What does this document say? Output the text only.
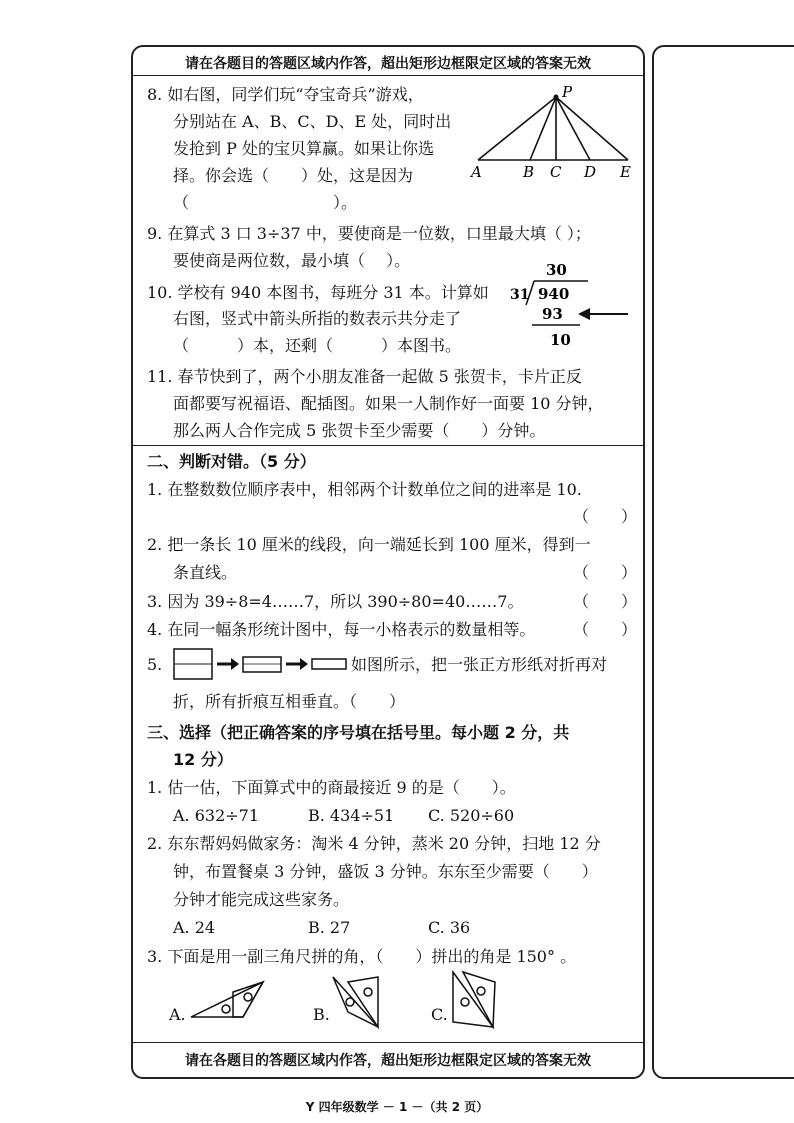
请在各题目的答题区域内作答，超出矩形边框限定区域的答案无效
8. 如右图，同学们玩“夺宝奇兵”游戏，
分别站在 A、B、C、D、E 处，同时出
发抢到 P 处的宝贝算赢。如果让你选
择。你会选（　　）处，这是因为
（　　　　　　　　　）。
P
A	B C D E
9. 在算式 3 口 3÷37 中，要使商是一位数，口里最大填（ ）；
要使商是两位数，最小填（　 ）。
10. 学校有 940 本图书，每班分 31 本。计算如
右图，竖式中箭头所指的数表示共分走了
（　　　）本，还剩（　　　）本图书。
30
31 940
93
10
11. 春节快到了，两个小朋友准备一起做 5 张贺卡，卡片正反
面都要写祝福语、配插图。如果一人制作好一面要 10 分钟，
那么两人合作完成 5 张贺卡至少需要（　　）分钟。
二、判断对错。（5 分）
1. 在整数数位顺序表中，相邻两个计数单位之间的进率是 10.
（　　）
2. 把一条长 10 厘米的线段，向一端延长到 100 厘米，得到一
条直线。	（　　）
3. 因为 39÷8=4……7，所以 390÷80=40……7。	（　　）
4. 在同一幅条形统计图中，每一小格表示的数量相等。 （　　）
5.	如图所示，把一张正方形纸对折再对
折，所有折痕互相垂直。（　　）
三、选择（把正确答案的序号填在括号里。每小题 2 分，共
12 分）
1. 估一估，下面算式中的商最接近 9 的是（　　）。
A. 632÷71	B. 434÷51 C. 520÷60
2. 东东帮妈妈做家务：淘米 4 分钟，蒸米 20 分钟，扫地 12 分
钟，布置餐桌 3 分钟，盛饭 3 分钟。东东至少需要（　　）
分钟才能完成这些家务。
A. 24	B. 27	C. 36
3. 下面是用一副三角尺拼的角，（　　）拼出的角是 150° 。
A.	B.	C.
请在各题目的答题区域内作答，超出矩形边框限定区域的答案无效
Y 四年级数学 － 1 －（共 2 页）
